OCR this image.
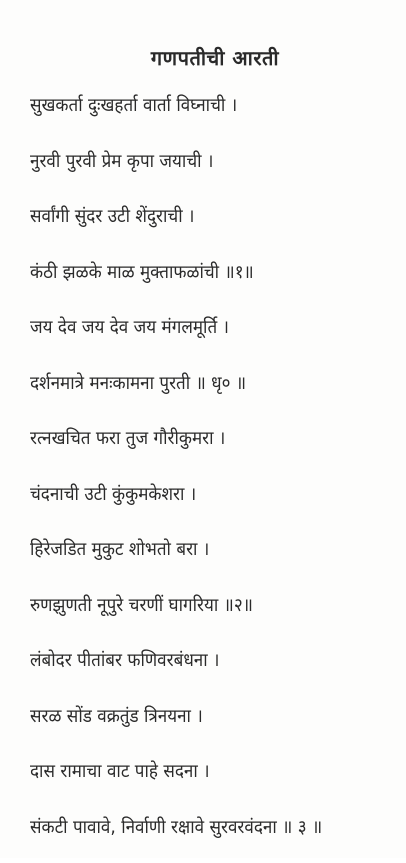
गणपतीची आरती
सुखकर्ता दुःखहर्ता वार्ता विघ्नाची ।
नुरवी पुरवी प्रेम कृपा जयाची ।
सर्वांगी सुंदर उटी शेंदुराची ।
कंठी झळके माळ मुक्ताफळांची ॥१॥
जय देव जय देव जय मंगलमूर्ति ।
दर्शनमात्रे मनःकामना पुरती ॥ धृ० ॥
रत्नखचित फरा तुज गौरीकुमरा ।
चंदनाची उटी कुंकुमकेशरा ।
हिरेजडित मुकुट शोभतो बरा ।
रुणझुणती नूपुरे चरणीं घागरिया ॥२॥
लंबोदर पीतांबर फणिवरबंधना ।
सरळ सोंड वक्रतुंड त्रिनयना ।
दास रामाचा वाट पाहे सदना ।
संकटी पावावे, निर्वाणी रक्षावे सुरवरवंदना ॥ ३ ॥
